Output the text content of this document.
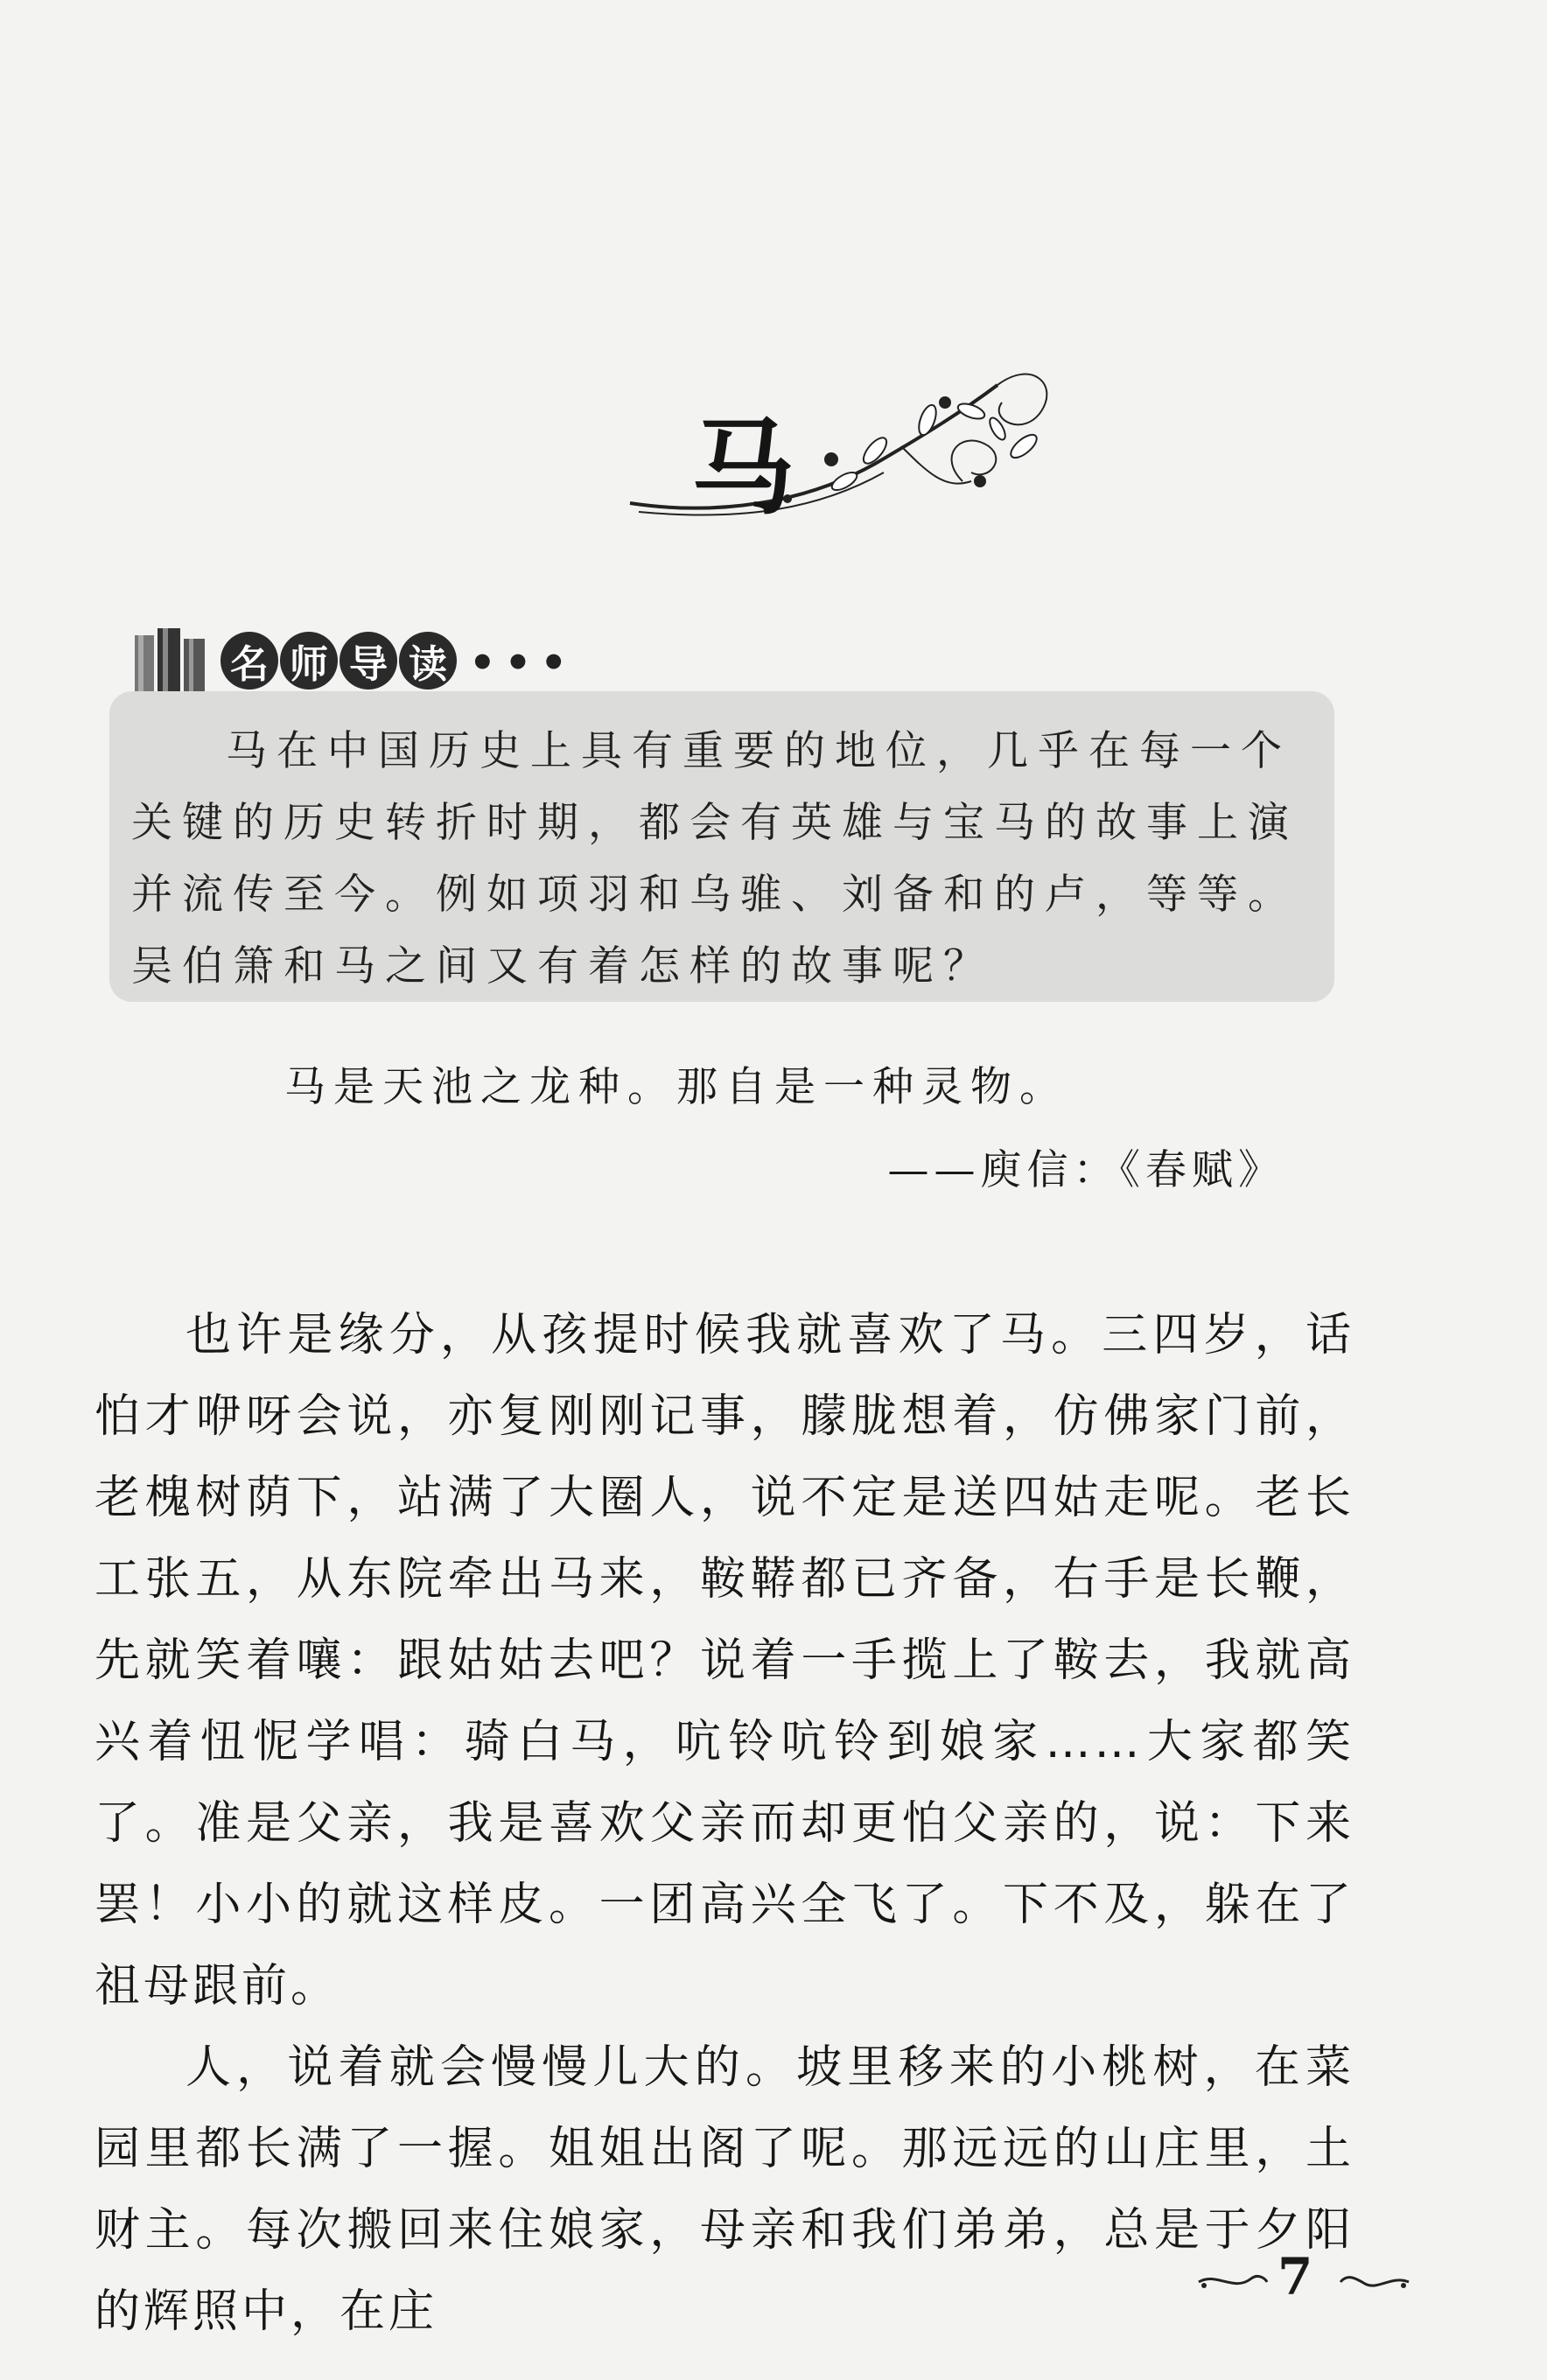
马
名 师 导 读 •••
马在中国历史上具有重要的地位，几乎在每一个关键的历史转折时期，都会有英雄与宝马的故事上演并流传至今。例如项羽和乌骓、刘备和的卢，等等。吴伯箫和马之间又有着怎样的故事呢？
马是天池之龙种。那自是一种灵物。
——庾信：《春赋》

也许是缘分，从孩提时候我就喜欢了马。三四岁，话怕才咿呀会说，亦复刚刚记事，朦胧想着，仿佛家门前，老槐树荫下，站满了大圈人，说不定是送四姑走呢。老长工张五，从东院牵出马来，鞍鞯都已齐备，右手是长鞭，先就笑着嚷：跟姑姑去吧？说着一手揽上了鞍去，我就高兴着忸怩学唱：骑白马，吭铃吭铃到娘家……大家都笑了。准是父亲，我是喜欢父亲而却更怕父亲的，说：下来罢！小小的就这样皮。一团高兴全飞了。下不及，躲在了祖母跟前。

人，说着就会慢慢儿大的。坡里移来的小桃树，在菜园里都长满了一握。姐姐出阁了呢。那远远的山庄里，土财主。每次搬回来住娘家，母亲和我们弟弟，总是于夕阳的辉照中，在庄

7
